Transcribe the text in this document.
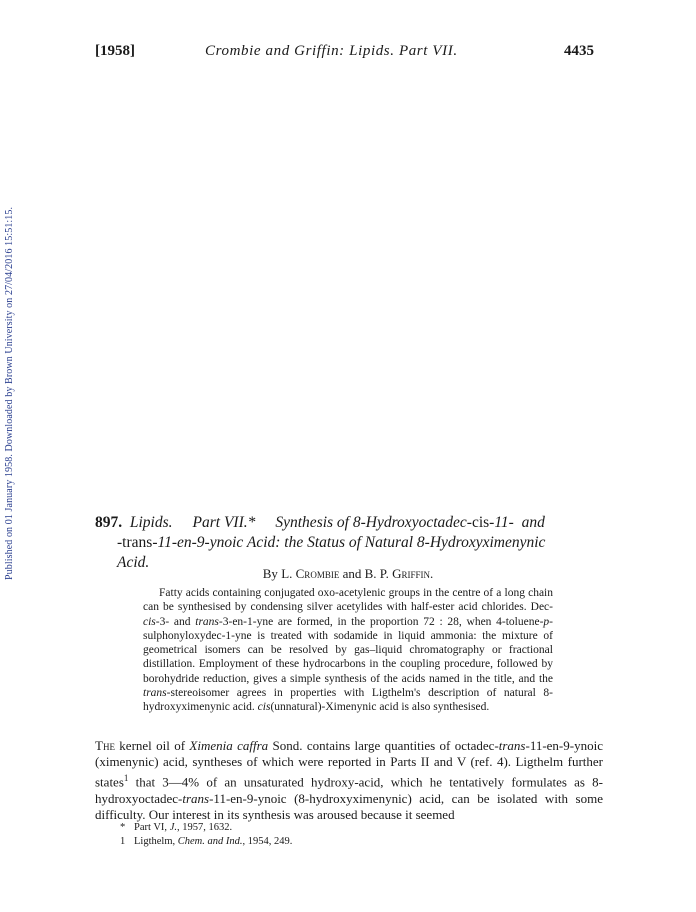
Published on 01 January 1958. Downloaded by Brown University on 27/04/2016 15:51:15.
[1958]	Crombie and Griffin: Lipids. Part VII.	4435
897. Lipids. Part VII.* Synthesis of 8-Hydroxyoctadec-cis-11- and
-trans-11-en-9-ynoic Acid: the Status of Natural 8-Hydroxyximenynic
Acid.
By L. Crombie and B. P. Griffin.
Fatty acids containing conjugated oxo-acetylenic groups in the centre of a long chain can be synthesised by condensing silver acetylides with half-ester acid chlorides. Dec-cis-3- and trans-3-en-1-yne are formed, in the proportion 72 : 28, when 4-toluene-p-sulphonyloxydec-1-yne is treated with sodamide in liquid ammonia: the mixture of geometrical isomers can be resolved by gas–liquid chromatography or fractional distillation. Employment of these hydrocarbons in the coupling procedure, followed by borohydride reduction, gives a simple synthesis of the acids named in the title, and the trans-stereoisomer agrees in properties with Ligthelm's description of natural 8-hydroxyximenynic acid. cis(unnatural)-Ximenynic acid is also synthesised.
The kernel oil of Ximenia caffra Sond. contains large quantities of octadec-trans-11-en-9-ynoic (ximenynic) acid, syntheses of which were reported in Parts II and V (ref. 4). Ligthelm further states$^1$ that 3—4% of an unsaturated hydroxy-acid, which he tentatively formulates as 8-hydroxyoctadec-trans-11-en-9-ynoic (8-hydroxyximenynic) acid, can be isolated with some difficulty. Our interest in its synthesis was aroused because it seemed
* Part VI, J., 1957, 1632.
1 Ligthelm, Chem. and Ind., 1954, 249.
